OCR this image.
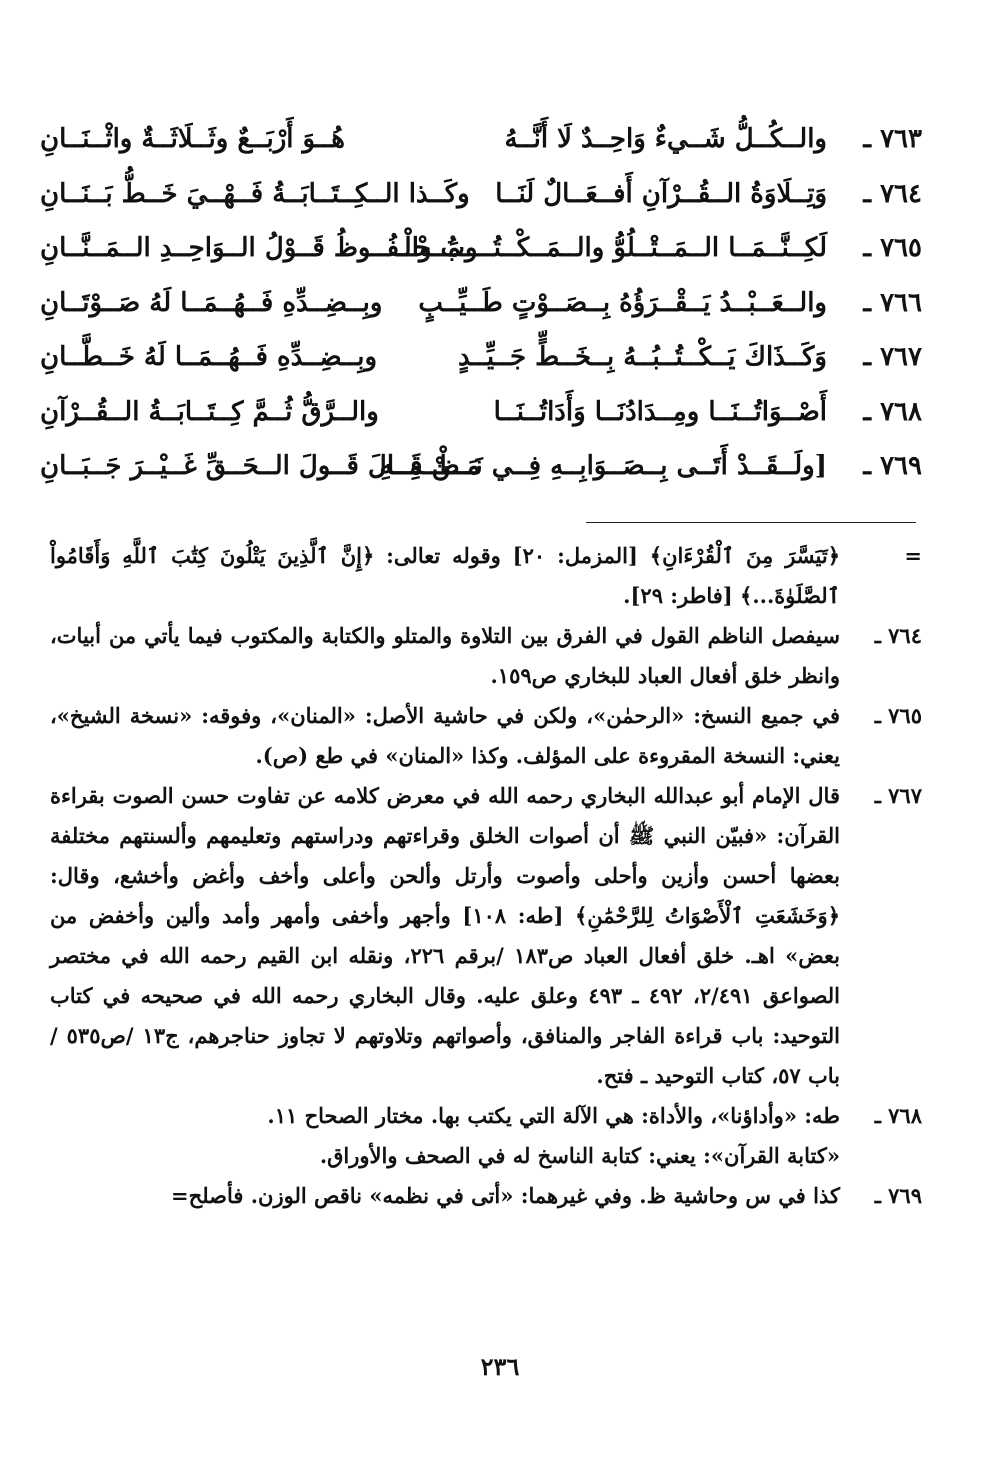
٧٦٣ ـ
والــكُــلُّ شَــيءٌ وَاحِــدٌ لَا أَنَّــهُ
هُــوَ أَرْبَــعٌ وثَــلَاثَــةٌ واثْــنَــانِ
٧٦٤ ـ
وَتِــلَاوَةُ الــقُــرْآنِ أَفــعَــالٌ لَنَــا
وكَــذا الــكِــتَــابَــةُ فَــهْــيَ خَــطُّ بَــنَــانِ
٧٦٥ ـ
لَكِــنَّــمَــا الــمَــتْــلُوُّ والــمَــكْــتُــوبُ والْـ
ـمَــحْــفُــوظُ قَــوْلُ الــوَاحِــدِ الــمَــنَّــانِ
٧٦٦ ـ
والــعَــبْــدُ يَــقْــرَؤُهُ بِــصَــوْتٍ طَــيِّــبٍ
وبِــضِــدِّهِ فَــهُــمَــا لَهُ صَــوْتَــانِ
٧٦٧ ـ
وَكَــذَاكَ يَــكْــتُــبُــهُ بِــخَــطٍّ جَــيِّــدٍ
وبِــضِــدِّهِ فَــهُــمَــا لَهُ خَــطَّــانِ
٧٦٨ ـ
أَصْــوَاتُــنَــا ومِــدَادُنَــا وَأَدَاتُــنَــا
والــرَّقُّ ثُــمَّ كِــتَــابَــةُ الــقُــرْآنِ
٧٦٩ ـ
[ولَــقَــدْ أَتَــى بِــصَــوَابِــهِ فِــي نَــظْــمِــهِ
مَــنْ قَــالَ قَــولَ الــحَــقِّ غَــيْــرَ جَــبَــانِ
=
﴿تَيَسَّرَ مِنَ ٱلْقُرْءَانِ﴾ [المزمل: ٢٠] وقوله تعالى: ﴿إِنَّ ٱلَّذِينَ يَتْلُونَ كِتَٰبَ ٱللَّهِ وَأَقَامُواْ ٱلصَّلَوٰةَ...﴾ [فاطر: ٢٩].
٧٦٤ ـ
سيفصل الناظم القول في الفرق بين التلاوة والمتلو والكتابة والمكتوب فيما يأتي من أبيات، وانظر خلق أفعال العباد للبخاري ص١٥٩.
٧٦٥ ـ
في جميع النسخ: «الرحمٰن»، ولكن في حاشية الأصل: «المنان»، وفوقه: «نسخة الشيخ»، يعني: النسخة المقروءة على المؤلف. وكذا «المنان» في طع (ص).
٧٦٧ ـ
قال الإمام أبو عبدالله البخاري رحمه الله في معرض كلامه عن تفاوت حسن الصوت بقراءة القرآن: «فبيّن النبي ﷺ أن أصوات الخلق وقراءتهم ودراستهم وتعليمهم وألسنتهم مختلفة بعضها أحسن وأزين وأحلى وأصوت وأرتل وألحن وأعلى وأخف وأغض وأخشع، وقال: ﴿وَخَشَعَتِ ٱلْأَصْوَاتُ لِلرَّحْمَٰنِ﴾ [طه: ١٠٨] وأجهر وأخفى وأمهر وأمد وألين وأخفض من بعض» اهـ. خلق أفعال العباد ص١٨٣ /برقم ٢٢٦، ونقله ابن القيم رحمه الله في مختصر الصواعق ٢/٤٩١، ٤٩٢ ـ ٤٩٣ وعلق عليه. وقال البخاري رحمه الله في صحيحه في كتاب التوحيد: باب قراءة الفاجر والمنافق، وأصواتهم وتلاوتهم لا تجاوز حناجرهم، ج١٣ /ص٥٣٥ /باب ٥٧، كتاب التوحيد ـ فتح.
٧٦٨ ـ
طه: «وأداؤنا»، والأداة: هي الآلة التي يكتب بها. مختار الصحاح ١١.
«كتابة القرآن»: يعني: كتابة الناسخ له في الصحف والأوراق.
٧٦٩ ـ
كذا في س وحاشية ظ. وفي غيرهما: «أتى في نظمه» ناقص الوزن. فأصلح=
٢٣٦
